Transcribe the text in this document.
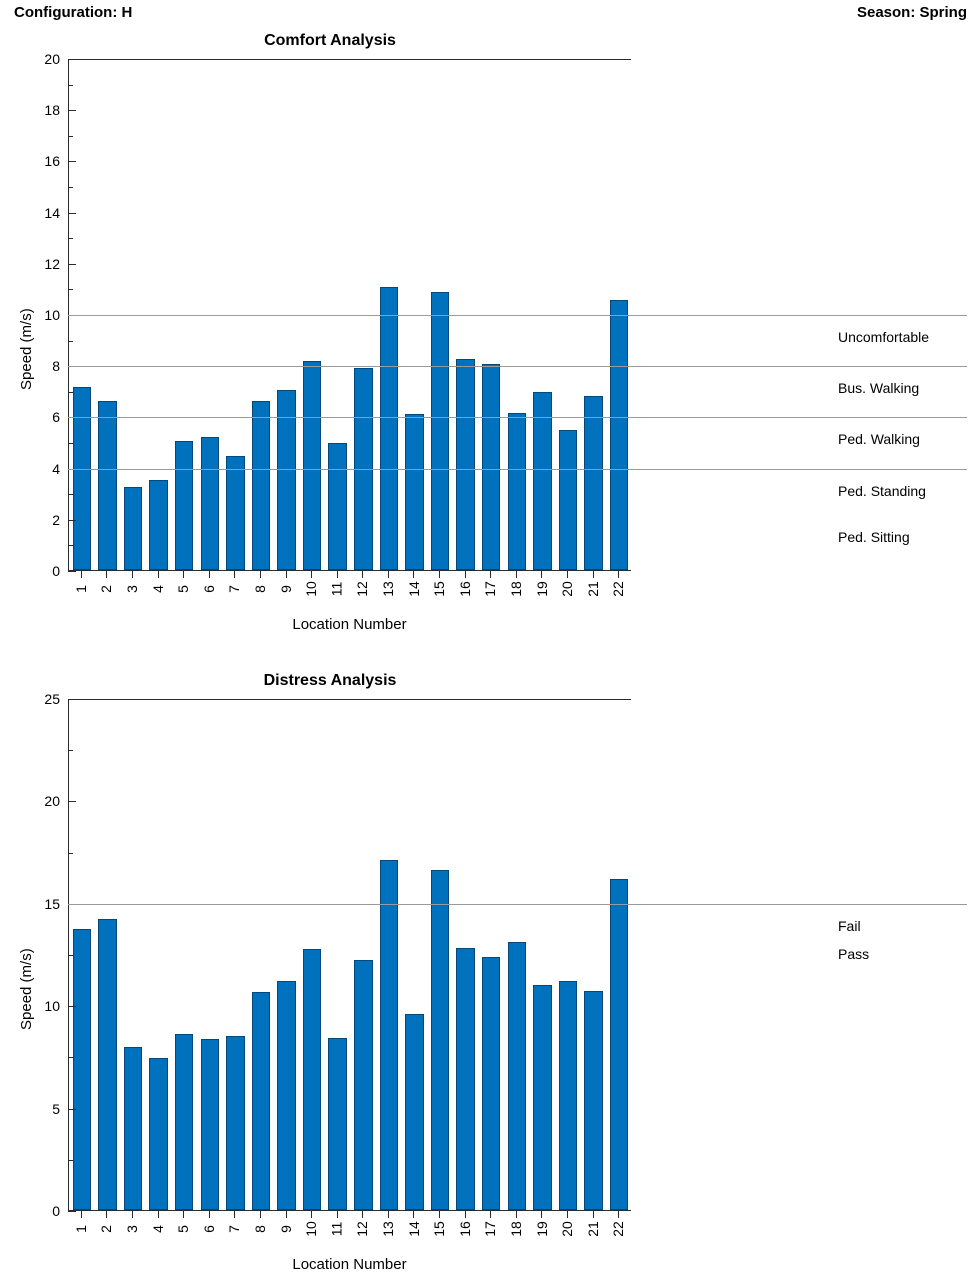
Configuration: H	Season: Spring
Comfort Analysis
Speed (m/s)
0
2
4
6
8
10
12
14
16
18
20
Uncomfortable
Bus. Walking
Ped. Walking
Ped. Standing
Ped. Sitting
1 2 3 4 5 6 7 8 9 10 11 12 13 14 15 16 17 18 19 20 21 22
Location Number
Distress Analysis
Speed (m/s)
0
5
10
15
20
25
Fail
Pass
1 2 3 4 5 6 7 8 9 10 11 12 13 14 15 16 17 18 19 20 21 22
Location Number
